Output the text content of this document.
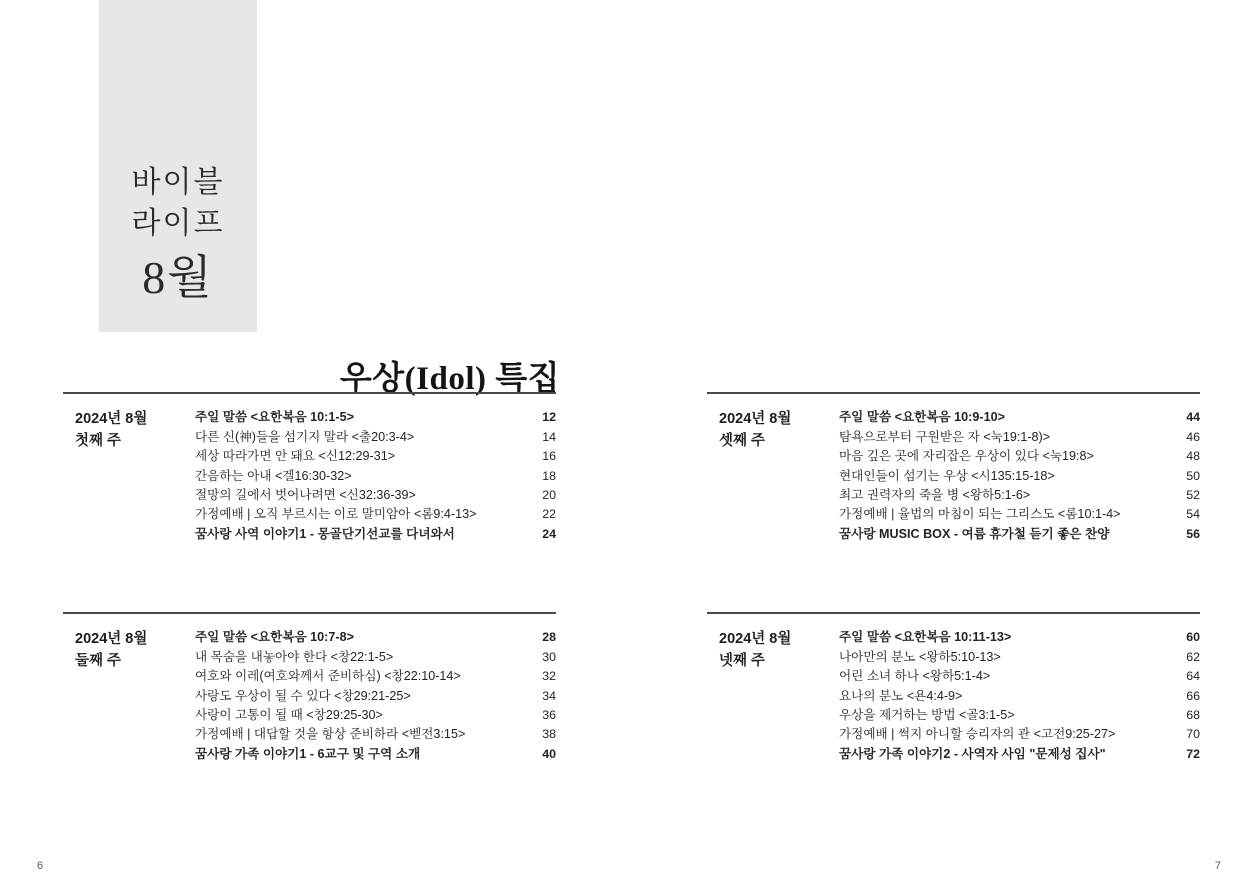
바이블
라이프
8월
우상(Idol) 특집
2024년 8월
첫째 주
주일 말씀 <요한복음 10:1-5>	12
다른 신(神)들을 섬기지 말라 <출20:3-4>	14
세상 따라가면 안 돼요 <신12:29-31>	16
간음하는 아내 <겔16:30-32>	18
절망의 길에서 벗어나려면 <신32:36-39>	20
가정예배 | 오직 부르시는 이로 말미암아 <롬9:4-13>	22
꿈사랑 사역 이야기1 - 몽골단기선교를 다녀와서	24
2024년 8월
둘째 주
주일 말씀 <요한복음 10:7-8>	28
내 목숨을 내놓아야 한다 <창22:1-5>	30
여호와 이레(여호와께서 준비하심) <창22:10-14>	32
사랑도 우상이 될 수 있다 <창29:21-25>	34
사랑이 고통이 될 때 <창29:25-30>	36
가정예배 | 대답할 것을 항상 준비하라 <벧전3:15>	38
꿈사랑 가족 이야기1 - 6교구 및 구역 소개	40
2024년 8월
셋째 주
주일 말씀 <요한복음 10:9-10>	44
탐욕으로부터 구원받은 자 <눅19:1-8)>	46
마음 깊은 곳에 자리잡은 우상이 있다 <눅19:8>	48
현대인들이 섬기는 우상 <시135:15-18>	50
최고 권력자의 죽을 병 <왕하5:1-6>	52
가정예배 | 율법의 마침이 되는 그리스도 <롬10:1-4>	54
꿈사랑 MUSIC BOX - 여름 휴가철 듣기 좋은 찬양	56
2024년 8월
넷째 주
주일 말씀 <요한복음 10:11-13>	60
나아만의 분노 <왕하5:10-13>	62
어린 소녀 하나 <왕하5:1-4>	64
요나의 분노 <욘4:4-9>	66
우상을 제거하는 방법 <골3:1-5>	68
가정예배 | 썩지 아니할 승리자의 관 <고전9:25-27>	70
꿈사랑 가족 이야기2 - 사역자 사임 "문제성 집사"	72
6	7
